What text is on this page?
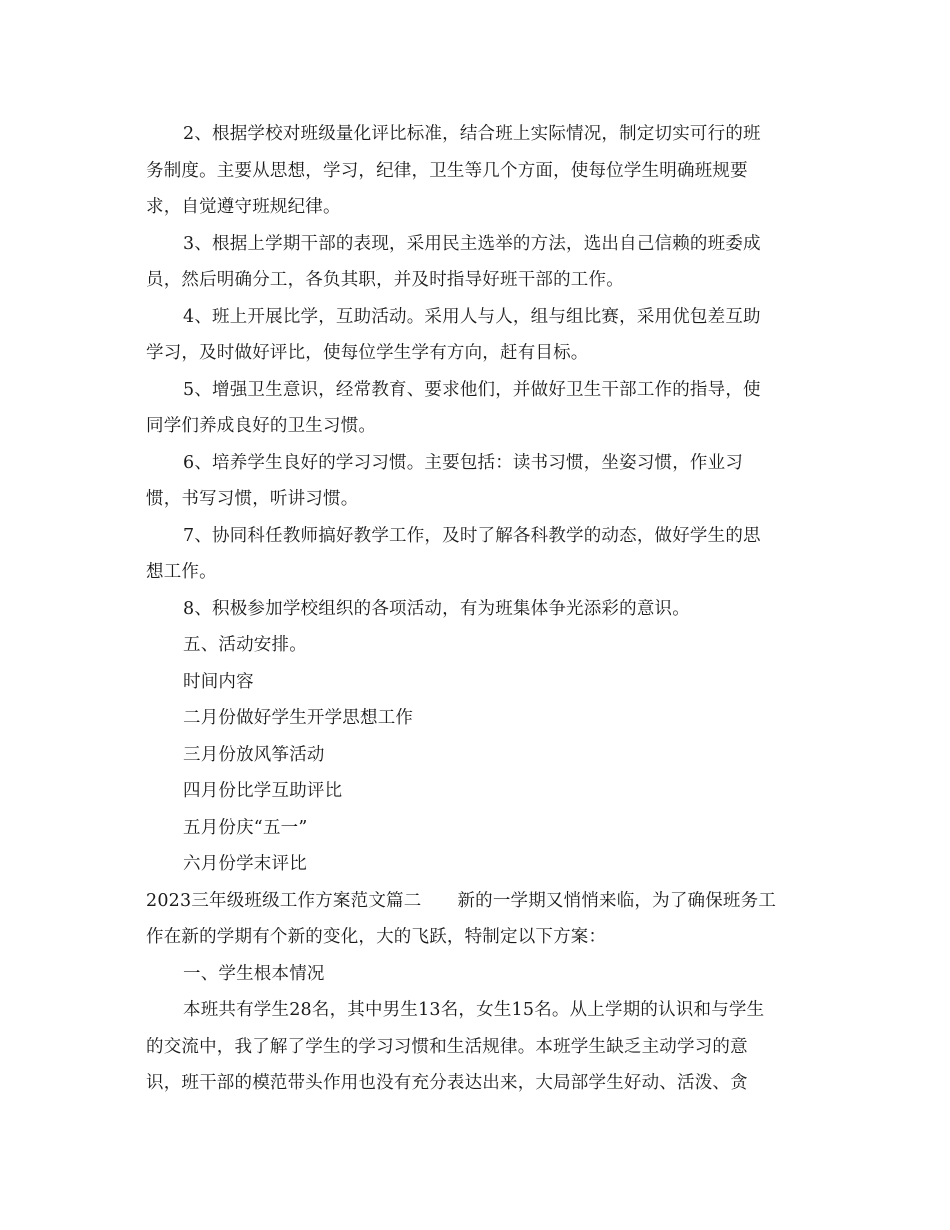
2、根据学校对班级量化评比标准，结合班上实际情况，制定切实可行的班
务制度。主要从思想，学习，纪律，卫生等几个方面，使每位学生明确班规要
求，自觉遵守班规纪律。
3、根据上学期干部的表现，采用民主选举的方法，选出自己信赖的班委成
员，然后明确分工，各负其职，并及时指导好班干部的工作。
4、班上开展比学，互助活动。采用人与人，组与组比赛，采用优包差互助
学习，及时做好评比，使每位学生学有方向，赶有目标。
5、增强卫生意识，经常教育、要求他们，并做好卫生干部工作的指导，使
同学们养成良好的卫生习惯。
6、培养学生良好的学习习惯。主要包括：读书习惯，坐姿习惯，作业习
惯，书写习惯，听讲习惯。
7、协同科任教师搞好教学工作，及时了解各科教学的动态，做好学生的思
想工作。
8、积极参加学校组织的各项活动，有为班集体争光添彩的意识。
五、活动安排。
时间内容
二月份做好学生开学思想工作
三月份放风筝活动
四月份比学互助评比
五月份庆“五一”
六月份学末评比
2023三年级班级工作方案范文篇二 新的一学期又悄悄来临，为了确保班务工
作在新的学期有个新的变化，大的飞跃，特制定以下方案：
一、学生根本情况
本班共有学生28名，其中男生13名，女生15名。从上学期的认识和与学生
的交流中，我了解了学生的学习习惯和生活规律。本班学生缺乏主动学习的意
识，班干部的模范带头作用也没有充分表达出来，大局部学生好动、活泼、贪
